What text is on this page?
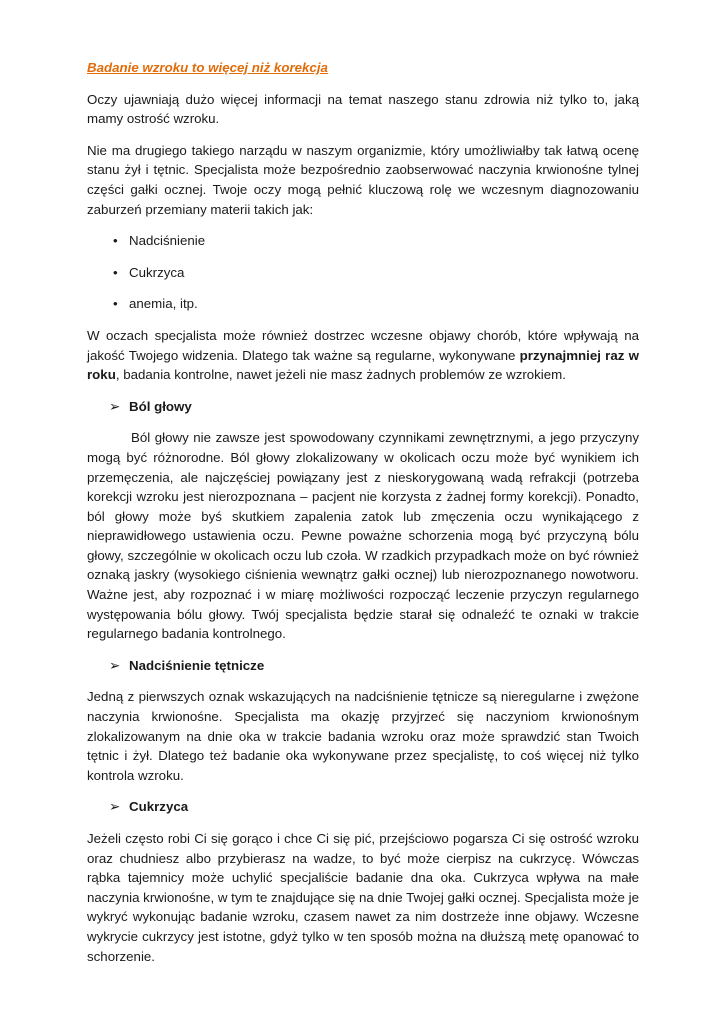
Badanie wzroku to więcej niż korekcja

Oczy ujawniają dużo więcej informacji na temat naszego stanu zdrowia niż tylko to, jaką mamy ostrość wzroku.

Nie ma drugiego takiego narządu w naszym organizmie, który umożliwiałby tak łatwą ocenę stanu żył i tętnic. Specjalista może bezpośrednio zaobserwować naczynia krwionośne tylnej części gałki ocznej. Twoje oczy mogą pełnić kluczową rolę we wczesnym diagnozowaniu zaburzeń przemiany materii takich jak:

• Nadciśnienie
• Cukrzyca
• anemia, itp.

W oczach specjalista może również dostrzec wczesne objawy chorób, które wpływają na jakość Twojego widzenia. Dlatego tak ważne są regularne, wykonywane przynajmniej raz w roku, badania kontrolne, nawet jeżeli nie masz żadnych problemów ze wzrokiem.

➢ Ból głowy

Ból głowy nie zawsze jest spowodowany czynnikami zewnętrznymi, a jego przyczyny mogą być różnorodne. Ból głowy zlokalizowany w okolicach oczu może być wynikiem ich przemęczenia, ale najczęściej powiązany jest z nieskorygowaną wadą refrakcji (potrzeba korekcji wzroku jest nierozpoznana – pacjent nie korzysta z żadnej formy korekcji). Ponadto, ból głowy może byś skutkiem zapalenia zatok lub zmęczenia oczu wynikającego z nieprawidłowego ustawienia oczu. Pewne poważne schorzenia mogą być przyczyną bólu głowy, szczególnie w okolicach oczu lub czoła. W rzadkich przypadkach może on być również oznaką jaskry (wysokiego ciśnienia wewnątrz gałki ocznej) lub nierozpoznanego nowotworu. Ważne jest, aby rozpoznać i w miarę możliwości rozpocząć leczenie przyczyn regularnego występowania bólu głowy. Twój specjalista będzie starał się odnaleźć te oznaki w trakcie regularnego badania kontrolnego.

➢ Nadciśnienie tętnicze

Jedną z pierwszych oznak wskazujących na nadciśnienie tętnicze są nieregularne i zwężone naczynia krwionośne. Specjalista ma okazję przyjrzeć się naczyniom krwionośnym zlokalizowanym na dnie oka w trakcie badania wzroku oraz może sprawdzić stan Twoich tętnic i żył. Dlatego też badanie oka wykonywane przez specjalistę, to coś więcej niż tylko kontrola wzroku.

➢ Cukrzyca

Jeżeli często robi Ci się gorąco i chce Ci się pić, przejściowo pogarsza Ci się ostrość wzroku oraz chudniesz albo przybierasz na wadze, to być może cierpisz na cukrzycę. Wówczas rąbka tajemnicy może uchylić specjaliście badanie dna oka. Cukrzyca wpływa na małe naczynia krwionośne, w tym te znajdujące się na dnie Twojej gałki ocznej. Specjalista może je wykryć wykonując badanie wzroku, czasem nawet za nim dostrzeże inne objawy. Wczesne wykrycie cukrzycy jest istotne, gdyż tylko w ten sposób można na dłuższą metę opanować to schorzenie.
